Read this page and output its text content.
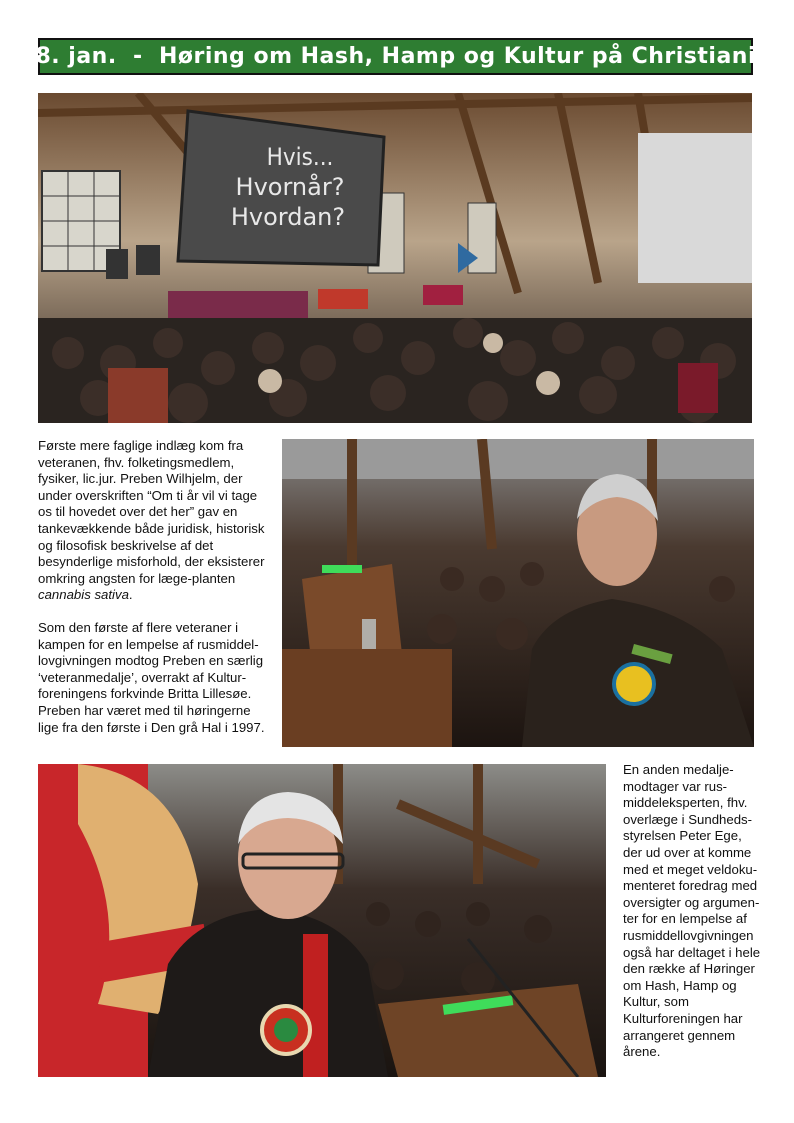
28. jan.  -  Høring om Hash, Hamp og Kultur på Christiania
Hvis...
Hvornår?
Hvordan?

Første mere faglige indlæg kom fra veteranen, fhv. folketingsmedlem, fysiker, lic.jur. Preben Wilhjelm, der under overskriften “Om ti år vil vi tage os til hovedet over det her” gav en tankevækkende både juridisk, historisk og filosofisk beskrivelse af det besynderlige misforhold, der eksisterer omkring angsten for læge-planten cannabis sativa.

Som den første af flere veteraner i kampen for en lempelse af rusmiddel-lovgivningen modtog Preben en særlig ‘veteranmedalje’, overrakt af Kultur-foreningens forkvinde Britta Lillesøe. Preben har været med til høringerne lige fra den første i Den grå Hal i 1997.

En anden medalje-modtager var rus-middeleksperten, fhv. overlæge i Sundheds-styrelsen Peter Ege, der ud over at komme med et meget veldoku-menteret foredrag med oversigter og argumen-ter for en lempelse af rusmiddellovgivningen også har deltaget i hele den række af Høringer om Hash, Hamp og Kultur, som Kulturforeningen har arrangeret gennem årene.
